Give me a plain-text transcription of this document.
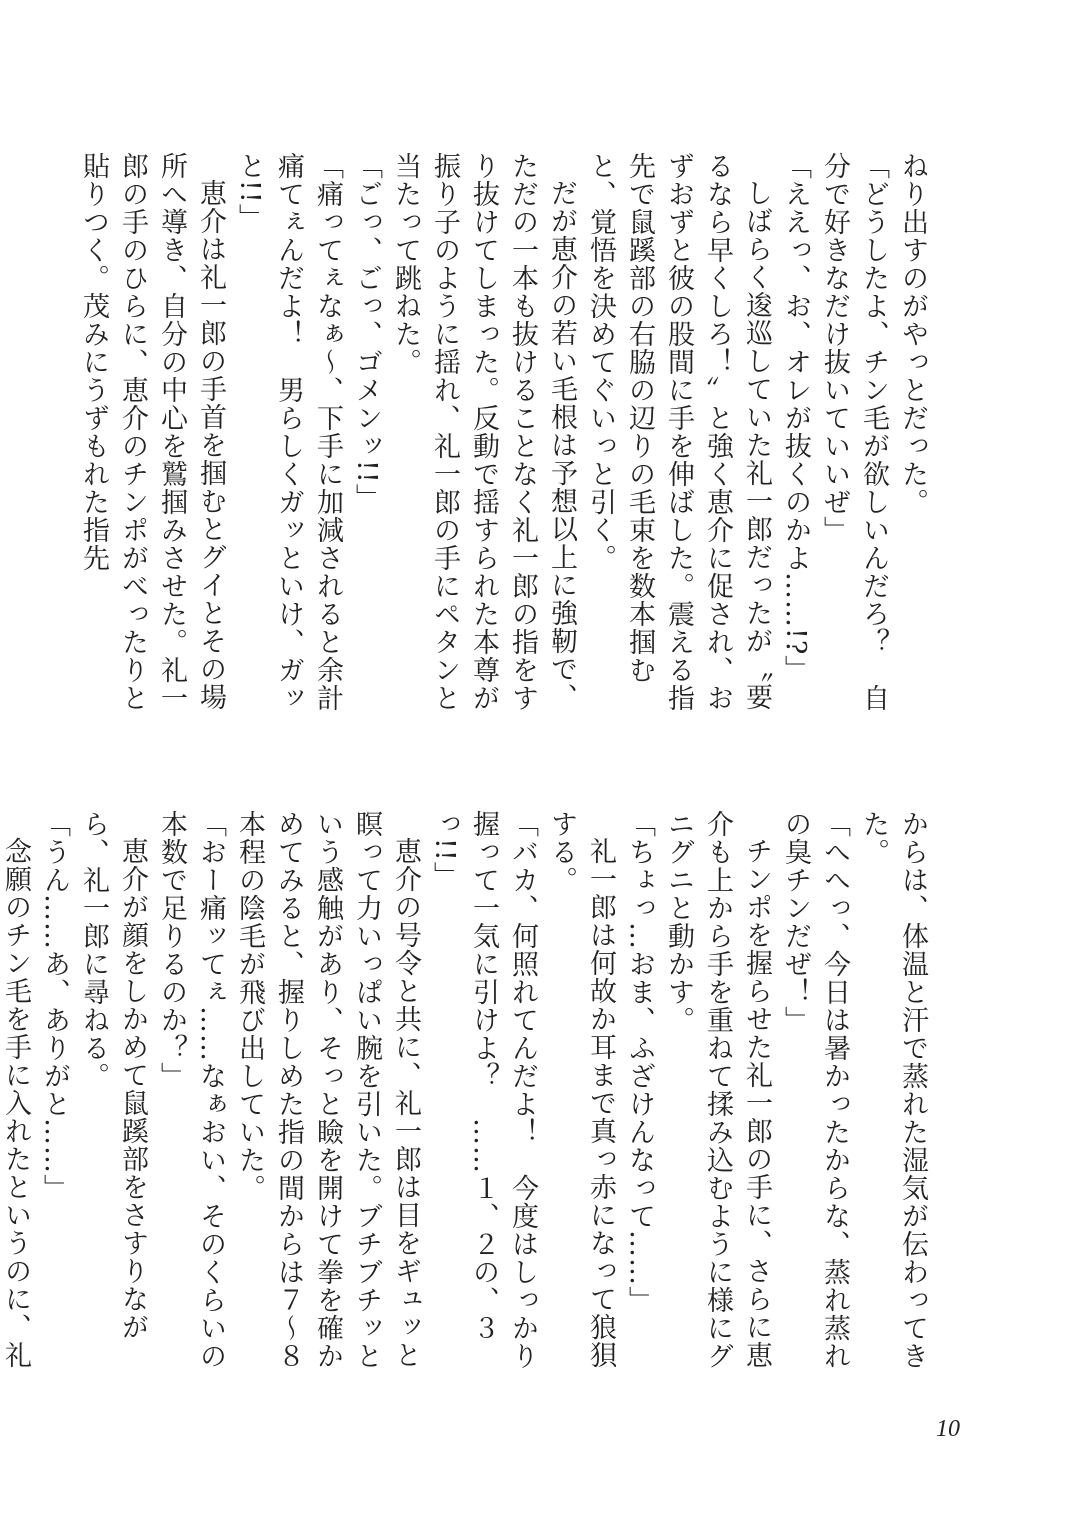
ねり出すのがやっとだった。

「どうしたよ、チン毛が欲しいんだろ？　自分で好きなだけ抜いていいぜ」

「ええっ、お、オレが抜くのかよ……!?」

しばらく逡巡していた礼一郎だったが〝要るなら早くしろ！〟と強く恵介に促され、おずおずと彼の股間に手を伸ばした。震える指先で鼠蹊部の右脇の辺りの毛束を数本掴むと、覚悟を決めてぐいっと引く。

だが恵介の若い毛根は予想以上に強靭で、ただの一本も抜けることなく礼一郎の指をすり抜けてしまった。反動で揺すられた本尊が振り子のように揺れ、礼一郎の手にペタンと当たって跳ねた。

「ごっ、ごっ、ゴメンッ!!」

「痛ってぇなぁ〜、下手に加減されると余計痛てぇんだよ！　男らしくガッといけ、ガッと!!」

恵介は礼一郎の手首を掴むとグイとその場所へ導き、自分の中心を鷲掴みさせた。礼一郎の手のひらに、恵介のチンポがべったりと貼りつく。茂みにうずもれた指先

からは、体温と汗で蒸れた湿気が伝わってきた。

「へへっ、今日は暑かったからな、蒸れ蒸れの臭チンだぜ！」

チンポを握らせた礼一郎の手に、さらに恵介も上から手を重ねて揉み込むように様にグニグニと動かす。

「ちょっ…おま、ふざけんなって……」

礼一郎は何故か耳まで真っ赤になって狼狽する。

「バカ、何照れてんだよ！　今度はしっかり握って一気に引けよ？　……１、２の、３っ!!」

恵介の号令と共に、礼一郎は目をギュッと瞑って力いっぱい腕を引いた。ブチブチッという感触があり、そっと瞼を開けて拳を確かめてみると、握りしめた指の間からは７〜８本程の陰毛が飛び出していた。

「おー痛ッてぇ……なぁおい、そのくらいの本数で足りるのか？」

恵介が顔をしかめて鼠蹊部をさすりながら、礼一郎に尋ねる。

「うん……あ、ありがと……」

念願のチン毛を手に入れたというのに、礼

10
